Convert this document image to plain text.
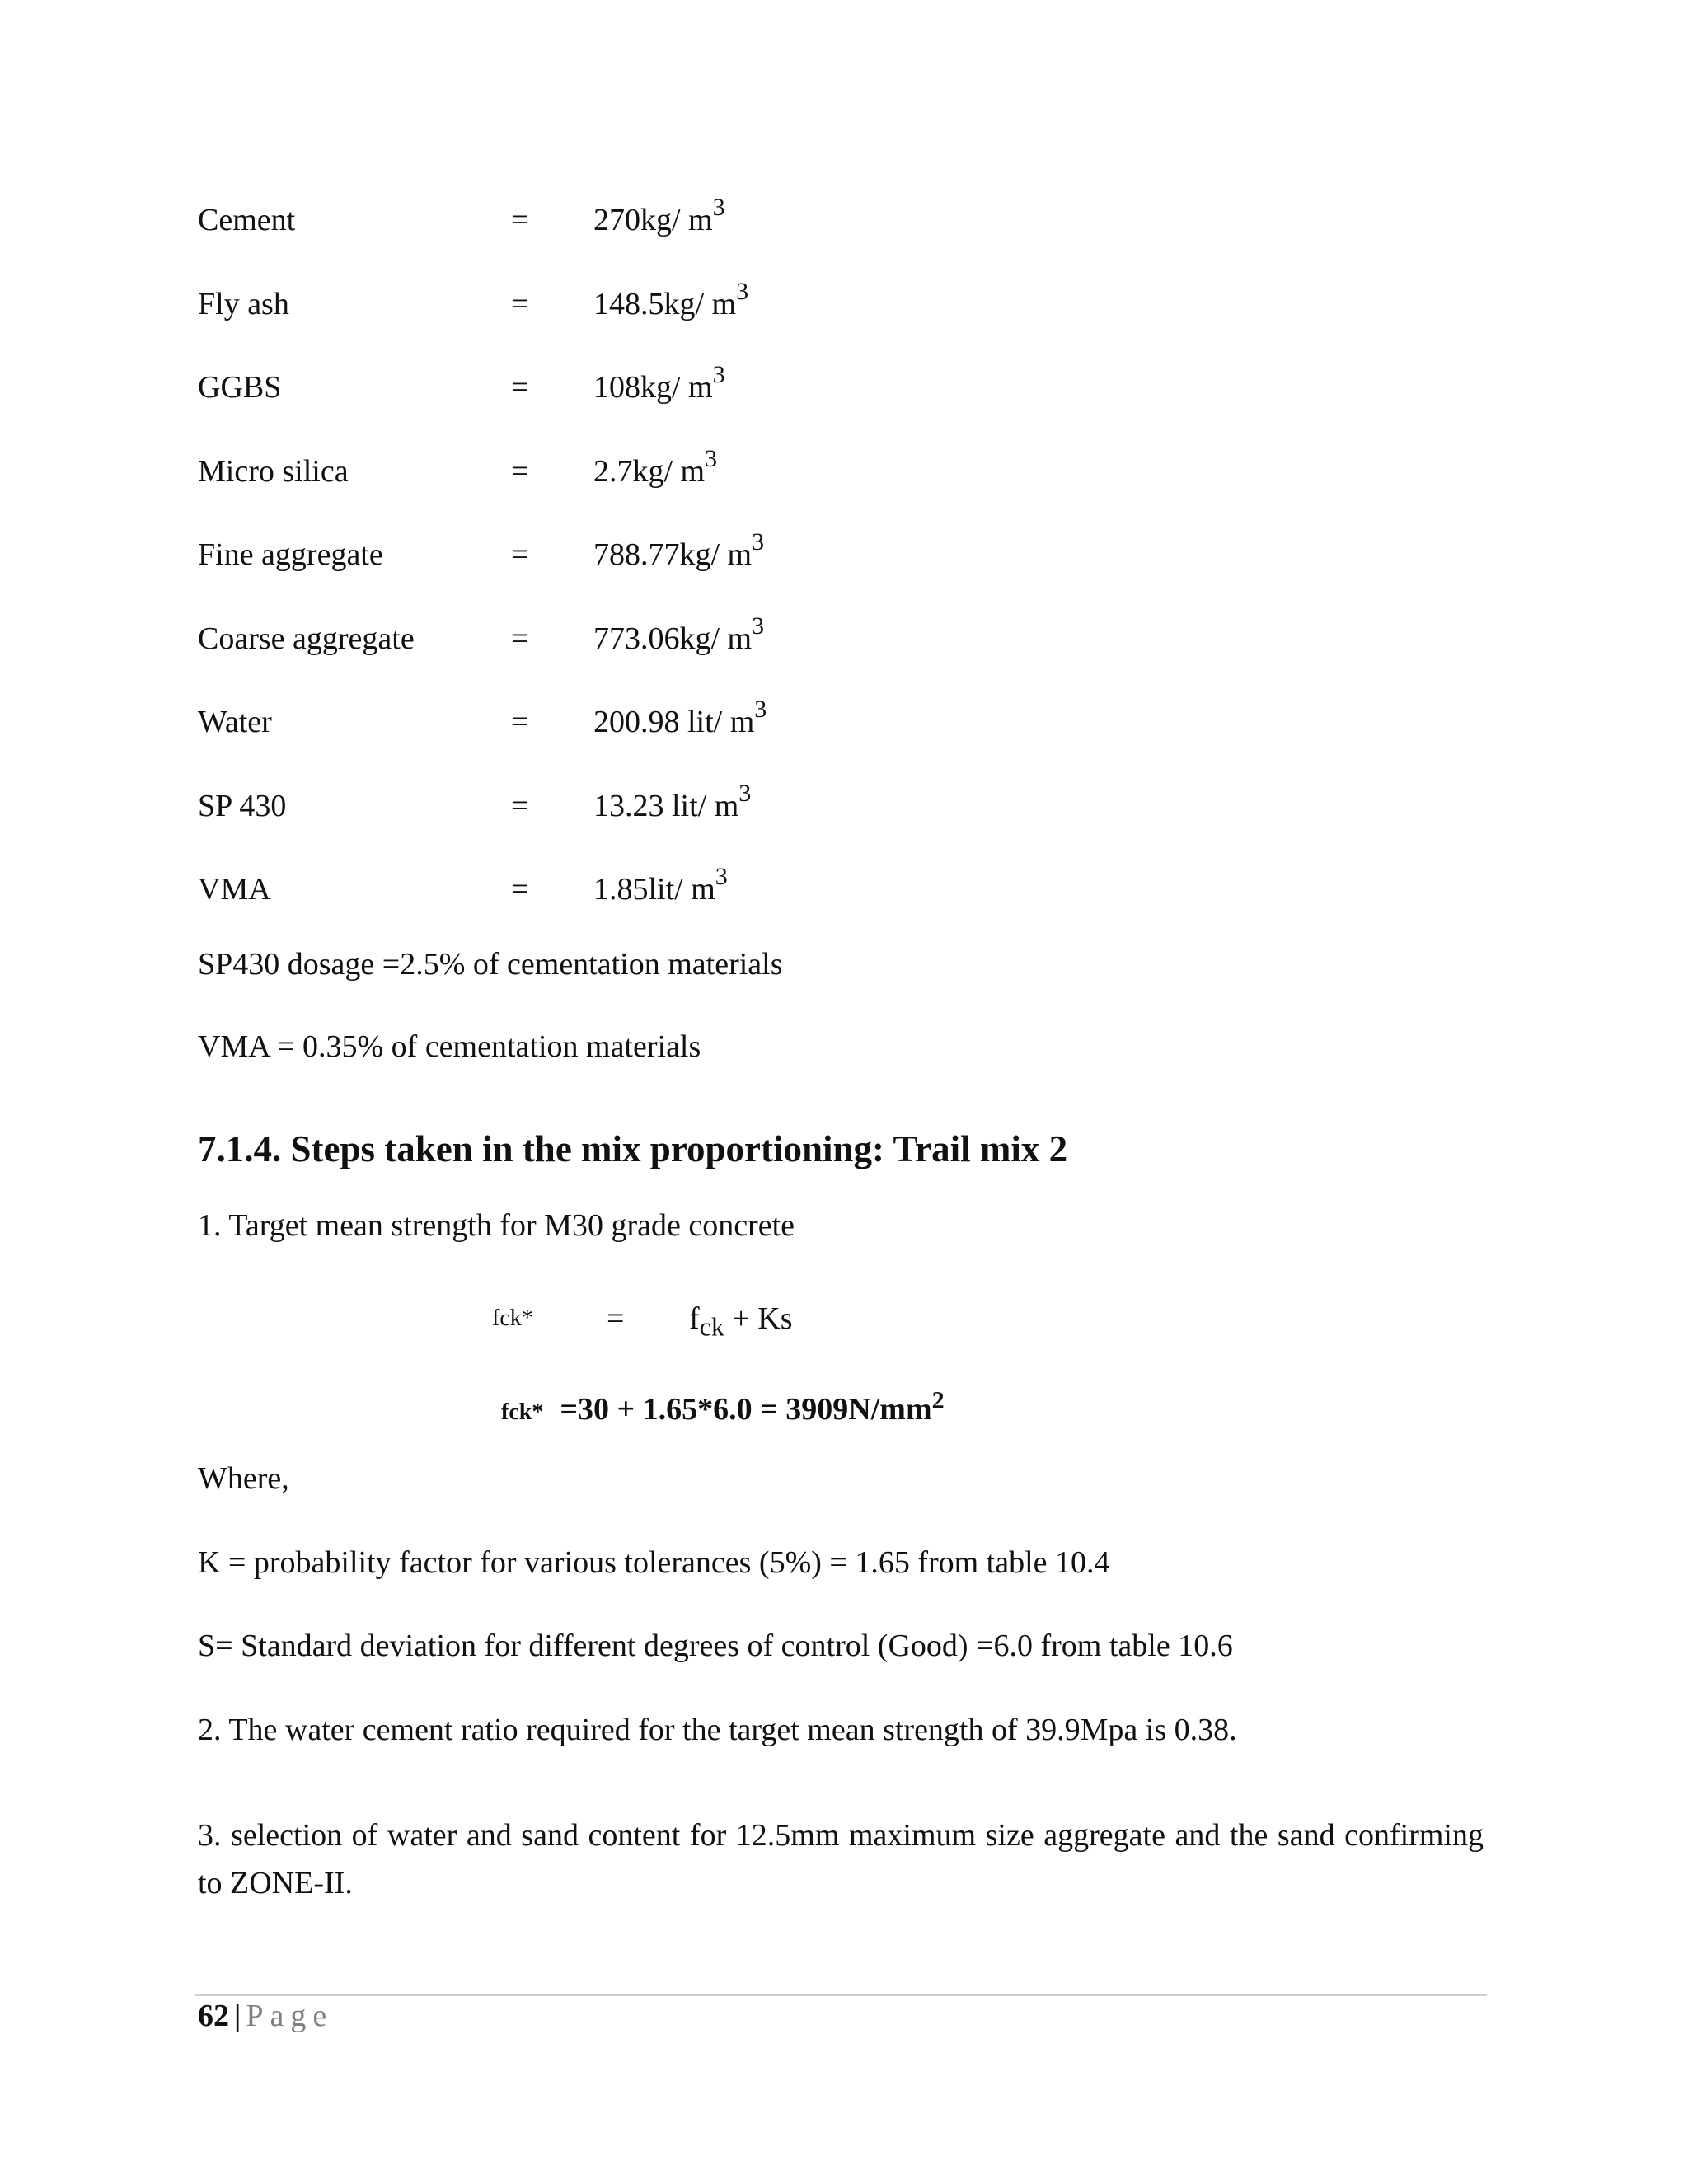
Cement	= 270kg/ $m^3$
Fly ash	= 148.5kg/ $m^3$
GGBS	= 108kg/ $m^3$
Micro silica	= 2.7kg/ $m^3$
Fine aggregate	= 788.77kg/ $m^3$
Coarse aggregate	= 773.06kg/ $m^3$
Water	= 200.98 lit/ $m^3$
SP 430	= 13.23 lit/ $m^3$
VMA	= 1.85lit/ $m^3$
SP430 dosage =2.5% of cementation materials
VMA = 0.35% of cementation materials
7.1.4. Steps taken in the mix proportioning: Trail mix 2
1. Target mean strength for M30 grade concrete
$fck* = f_{ck} + Ks$
$fck* =30 + 1.65*6.0 = 3909N/mm^2$
Where,
K = probability factor for various tolerances (5%) = 1.65 from table 10.4
S= Standard deviation for different degrees of control (Good) =6.0 from table 10.6
2. The water cement ratio required for the target mean strength of 39.9Mpa is 0.38.
3. selection of water and sand content for 12.5mm maximum size aggregate and the sand confirming to ZONE-II.
62 | Page
